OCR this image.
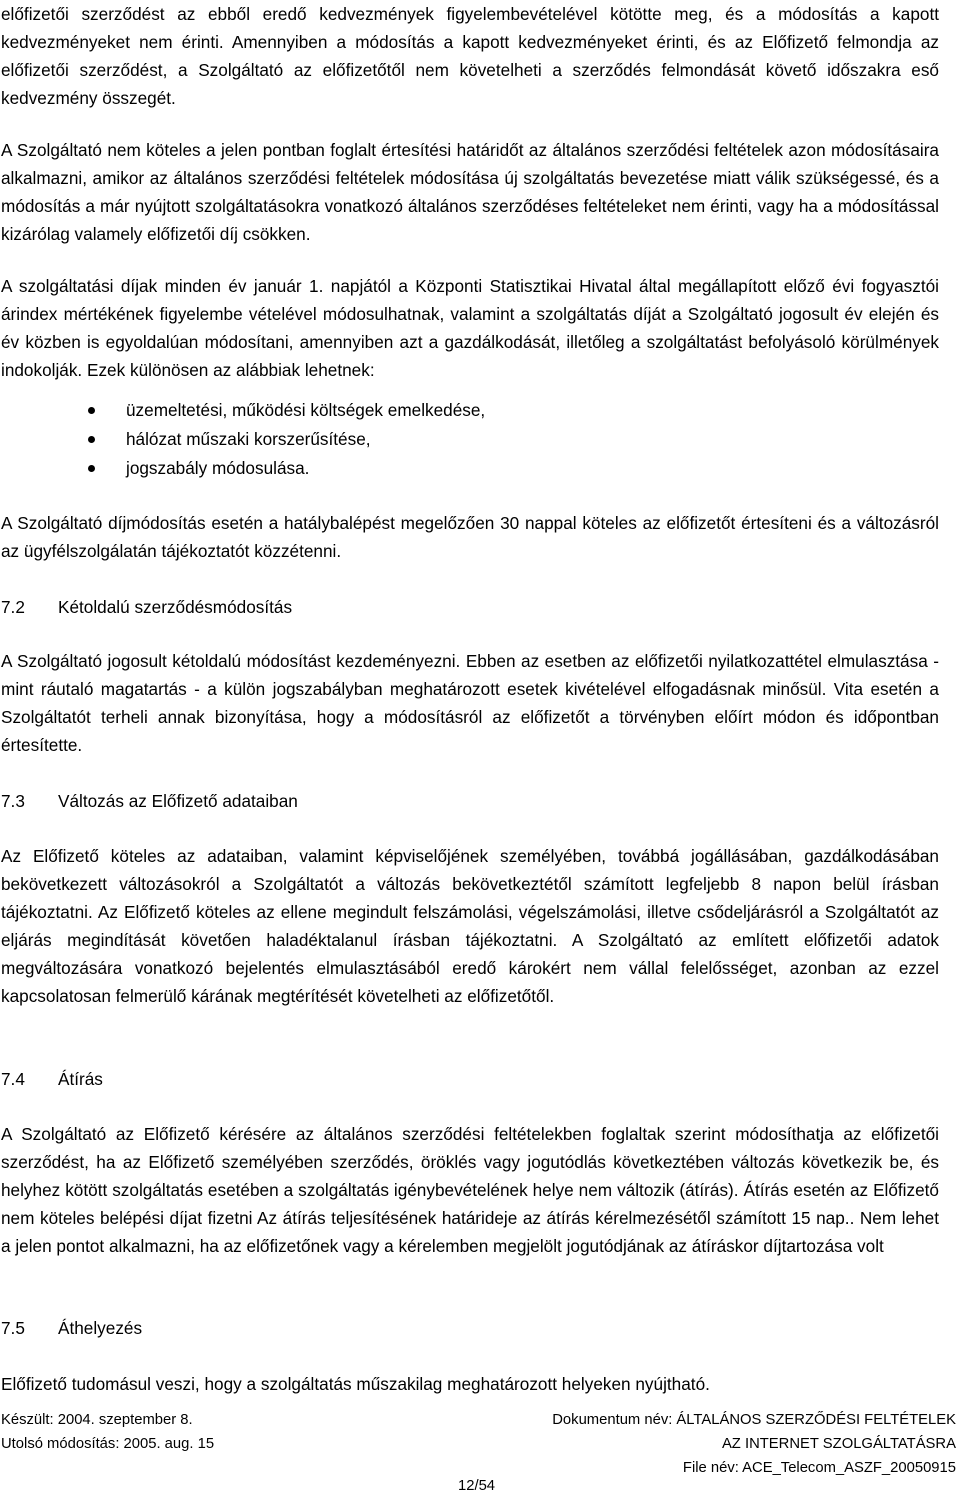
előfizetői szerződést az ebből eredő kedvezmények figyelembevételével kötötte meg, és a módosítás a kapott kedvezményeket nem érinti. Amennyiben a módosítás a kapott kedvezményeket érinti, és az Előfizető felmondja az előfizetői szerződést, a Szolgáltató az előfizetőtől nem követelheti a szerződés felmondását követő időszakra eső kedvezmény összegét.

A Szolgáltató nem köteles a jelen pontban foglalt értesítési határidőt az általános szerződési feltételek azon módosításaira alkalmazni, amikor az általános szerződési feltételek módosítása új szolgáltatás bevezetése miatt válik szükségessé, és a módosítás a már nyújtott szolgáltatásokra vonatkozó általános szerződéses feltételeket nem érinti, vagy ha a módosítással kizárólag valamely előfizetői díj csökken.

A szolgáltatási díjak minden év január 1. napjától a Központi Statisztikai Hivatal által megállapított előző évi fogyasztói árindex mértékének figyelembe vételével módosulhatnak, valamint a szolgáltatás díját a Szolgáltató jogosult év elején és év közben is egyoldalúan módosítani, amennyiben azt a gazdálkodását, illetőleg a szolgáltatást befolyásoló körülmények indokolják. Ezek különösen az alábbiak lehetnek:

üzemeltetési, működési költségek emelkedése,
hálózat műszaki korszerűsítése,
jogszabály módosulása.

A Szolgáltató díjmódosítás esetén a hatálybalépést megelőzően 30 nappal köteles az előfizetőt értesíteni és a változásról az ügyfélszolgálatán tájékoztatót közzétenni.

7.2 Kétoldalú szerződésmódosítás

A Szolgáltató jogosult kétoldalú módosítást kezdeményezni. Ebben az esetben az előfizetői nyilatkozattétel elmulasztása - mint ráutaló magatartás - a külön jogszabályban meghatározott esetek kivételével elfogadásnak minősül. Vita esetén a Szolgáltatót terheli annak bizonyítása, hogy a módosításról az előfizetőt a törvényben előírt módon és időpontban értesítette.

7.3 Változás az Előfizető adataiban

Az Előfizető köteles az adataiban, valamint képviselőjének személyében, továbbá jogállásában, gazdálkodásában bekövetkezett változásokról a Szolgáltatót a változás bekövetkeztétől számított legfeljebb 8 napon belül írásban tájékoztatni. Az Előfizető köteles az ellene megindult felszámolási, végelszámolási, illetve csődeljárásról a Szolgáltatót az eljárás megindítását követően haladéktalanul írásban tájékoztatni. A Szolgáltató az említett előfizetői adatok megváltozására vonatkozó bejelentés elmulasztásából eredő károkért nem vállal felelősséget, azonban az ezzel kapcsolatosan felmerülő kárának megtérítését követelheti az előfizetőtől.

7.4 Átírás

A Szolgáltató az Előfizető kérésére az általános szerződési feltételekben foglaltak szerint módosíthatja az előfizetői szerződést, ha az Előfizető személyében szerződés, öröklés vagy jogutódlás következtében változás következik be, és helyhez kötött szolgáltatás esetében a szolgáltatás igénybevételének helye nem változik (átírás). Átírás esetén az Előfizető nem köteles belépési díjat fizetni Az átírás teljesítésének határideje az átírás kérelmezésétől számított 15 nap.. Nem lehet a jelen pontot alkalmazni, ha az előfizetőnek vagy a kérelemben megjelölt jogutódjának az átíráskor díjtartozása volt

7.5 Áthelyezés

Előfizető tudomásul veszi, hogy a szolgáltatás műszakilag meghatározott helyeken nyújtható.

Készült: 2004. szeptember 8.
Utolsó módosítás: 2005. aug. 15
Dokumentum név: ÁLTALÁNOS SZERZŐDÉSI FELTÉTELEK
AZ INTERNET SZOLGÁLTATÁSRA
File név: ACE_Telecom_ASZF_20050915
12/54
